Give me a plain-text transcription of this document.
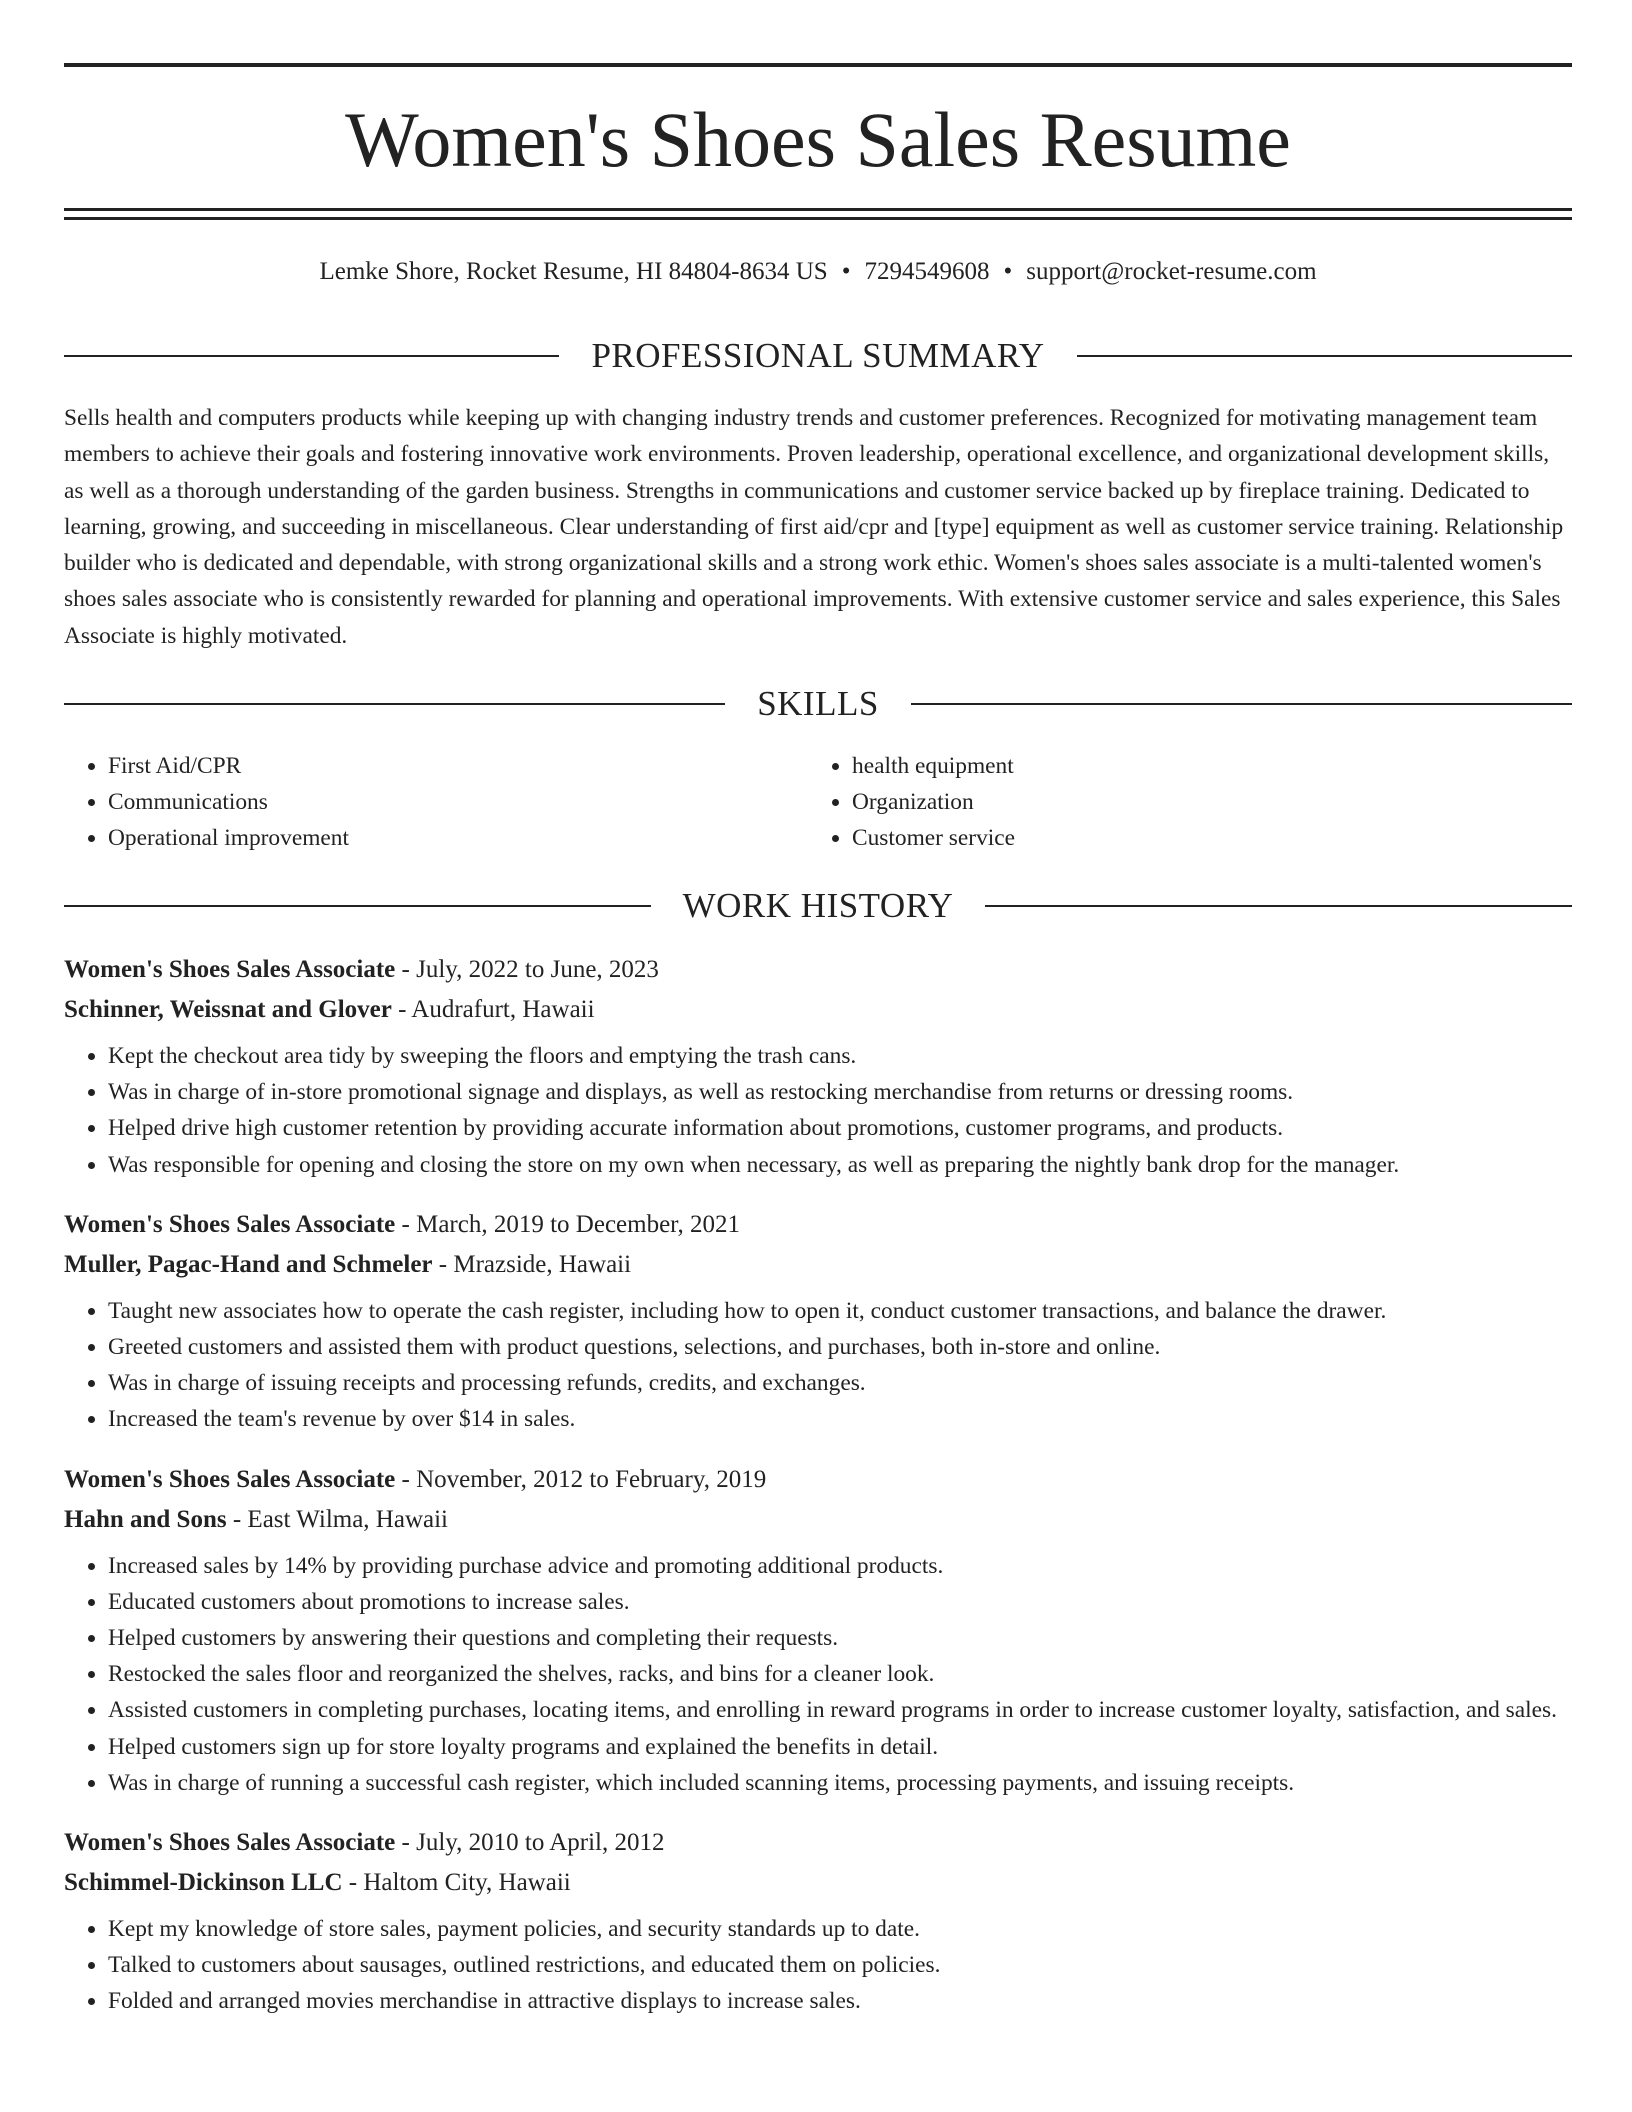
Women's Shoes Sales Resume
Lemke Shore, Rocket Resume, HI 84804-8634 US • 7294549608 • support@rocket-resume.com
PROFESSIONAL SUMMARY

Sells health and computers products while keeping up with changing industry trends and customer preferences. Recognized for motivating management team members to achieve their goals and fostering innovative work environments. Proven leadership, operational excellence, and organizational development skills, as well as a thorough understanding of the garden business. Strengths in communications and customer service backed up by fireplace training. Dedicated to learning, growing, and succeeding in miscellaneous. Clear understanding of first aid/cpr and [type] equipment as well as customer service training. Relationship builder who is dedicated and dependable, with strong organizational skills and a strong work ethic. Women's shoes sales associate is a multi-talented women's shoes sales associate who is consistently rewarded for planning and operational improvements. With extensive customer service and sales experience, this Sales Associate is highly motivated.

SKILLS
• First Aid/CPR
• Communications
• Operational improvement
• health equipment
• Organization
• Customer service
WORK HISTORY

Women's Shoes Sales Associate - July, 2022 to June, 2023

Schinner, Weissnat and Glover - Audrafurt, Hawaii

• Kept the checkout area tidy by sweeping the floors and emptying the trash cans.
• Was in charge of in-store promotional signage and displays, as well as restocking merchandise from returns or dressing rooms.
• Helped drive high customer retention by providing accurate information about promotions, customer programs, and products.
• Was responsible for opening and closing the store on my own when necessary, as well as preparing the nightly bank drop for the manager.

Women's Shoes Sales Associate - March, 2019 to December, 2021

Muller, Pagac-Hand and Schmeler - Mrazside, Hawaii

• Taught new associates how to operate the cash register, including how to open it, conduct customer transactions, and balance the drawer.
• Greeted customers and assisted them with product questions, selections, and purchases, both in-store and online.
• Was in charge of issuing receipts and processing refunds, credits, and exchanges.
• Increased the team's revenue by over $14 in sales.

Women's Shoes Sales Associate - November, 2012 to February, 2019

Hahn and Sons - East Wilma, Hawaii

• Increased sales by 14% by providing purchase advice and promoting additional products.
• Educated customers about promotions to increase sales.
• Helped customers by answering their questions and completing their requests.
• Restocked the sales floor and reorganized the shelves, racks, and bins for a cleaner look.
• Assisted customers in completing purchases, locating items, and enrolling in reward programs in order to increase customer loyalty, satisfaction, and sales.
• Helped customers sign up for store loyalty programs and explained the benefits in detail.
• Was in charge of running a successful cash register, which included scanning items, processing payments, and issuing receipts.

Women's Shoes Sales Associate - July, 2010 to April, 2012

Schimmel-Dickinson LLC - Haltom City, Hawaii

• Kept my knowledge of store sales, payment policies, and security standards up to date.
• Talked to customers about sausages, outlined restrictions, and educated them on policies.
• Folded and arranged movies merchandise in attractive displays to increase sales.
